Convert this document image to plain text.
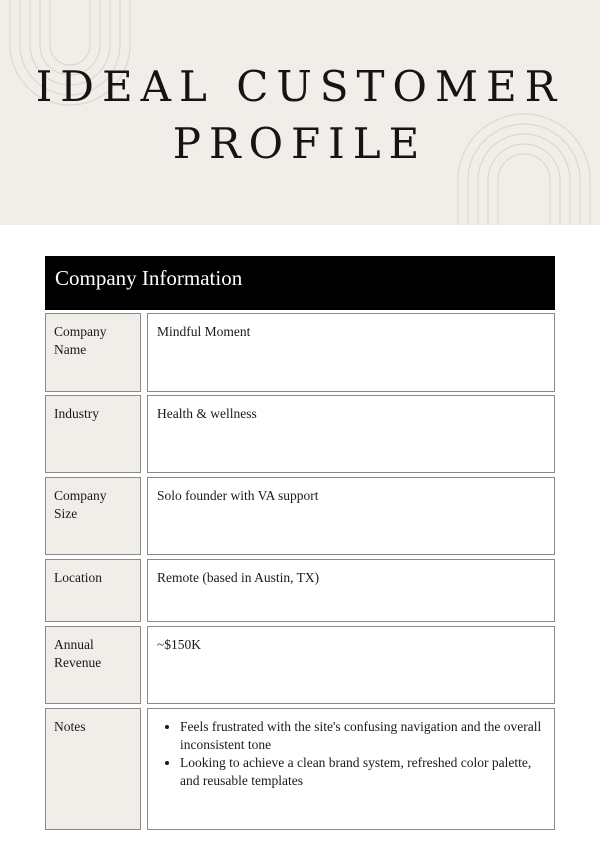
IDEAL CUSTOMER
PROFILE
Company Information
Company
Name
Mindful Moment
Industry	Health & wellness
Company
Size
Solo founder with VA support
Location	Remote (based in Austin, TX)
Annual
Revenue
~$150K
Notes
•	Feels frustrated with the site's confusing navigation and the overall inconsistent tone
• Looking to achieve a clean brand system, refreshed color palette, and reusable templates
